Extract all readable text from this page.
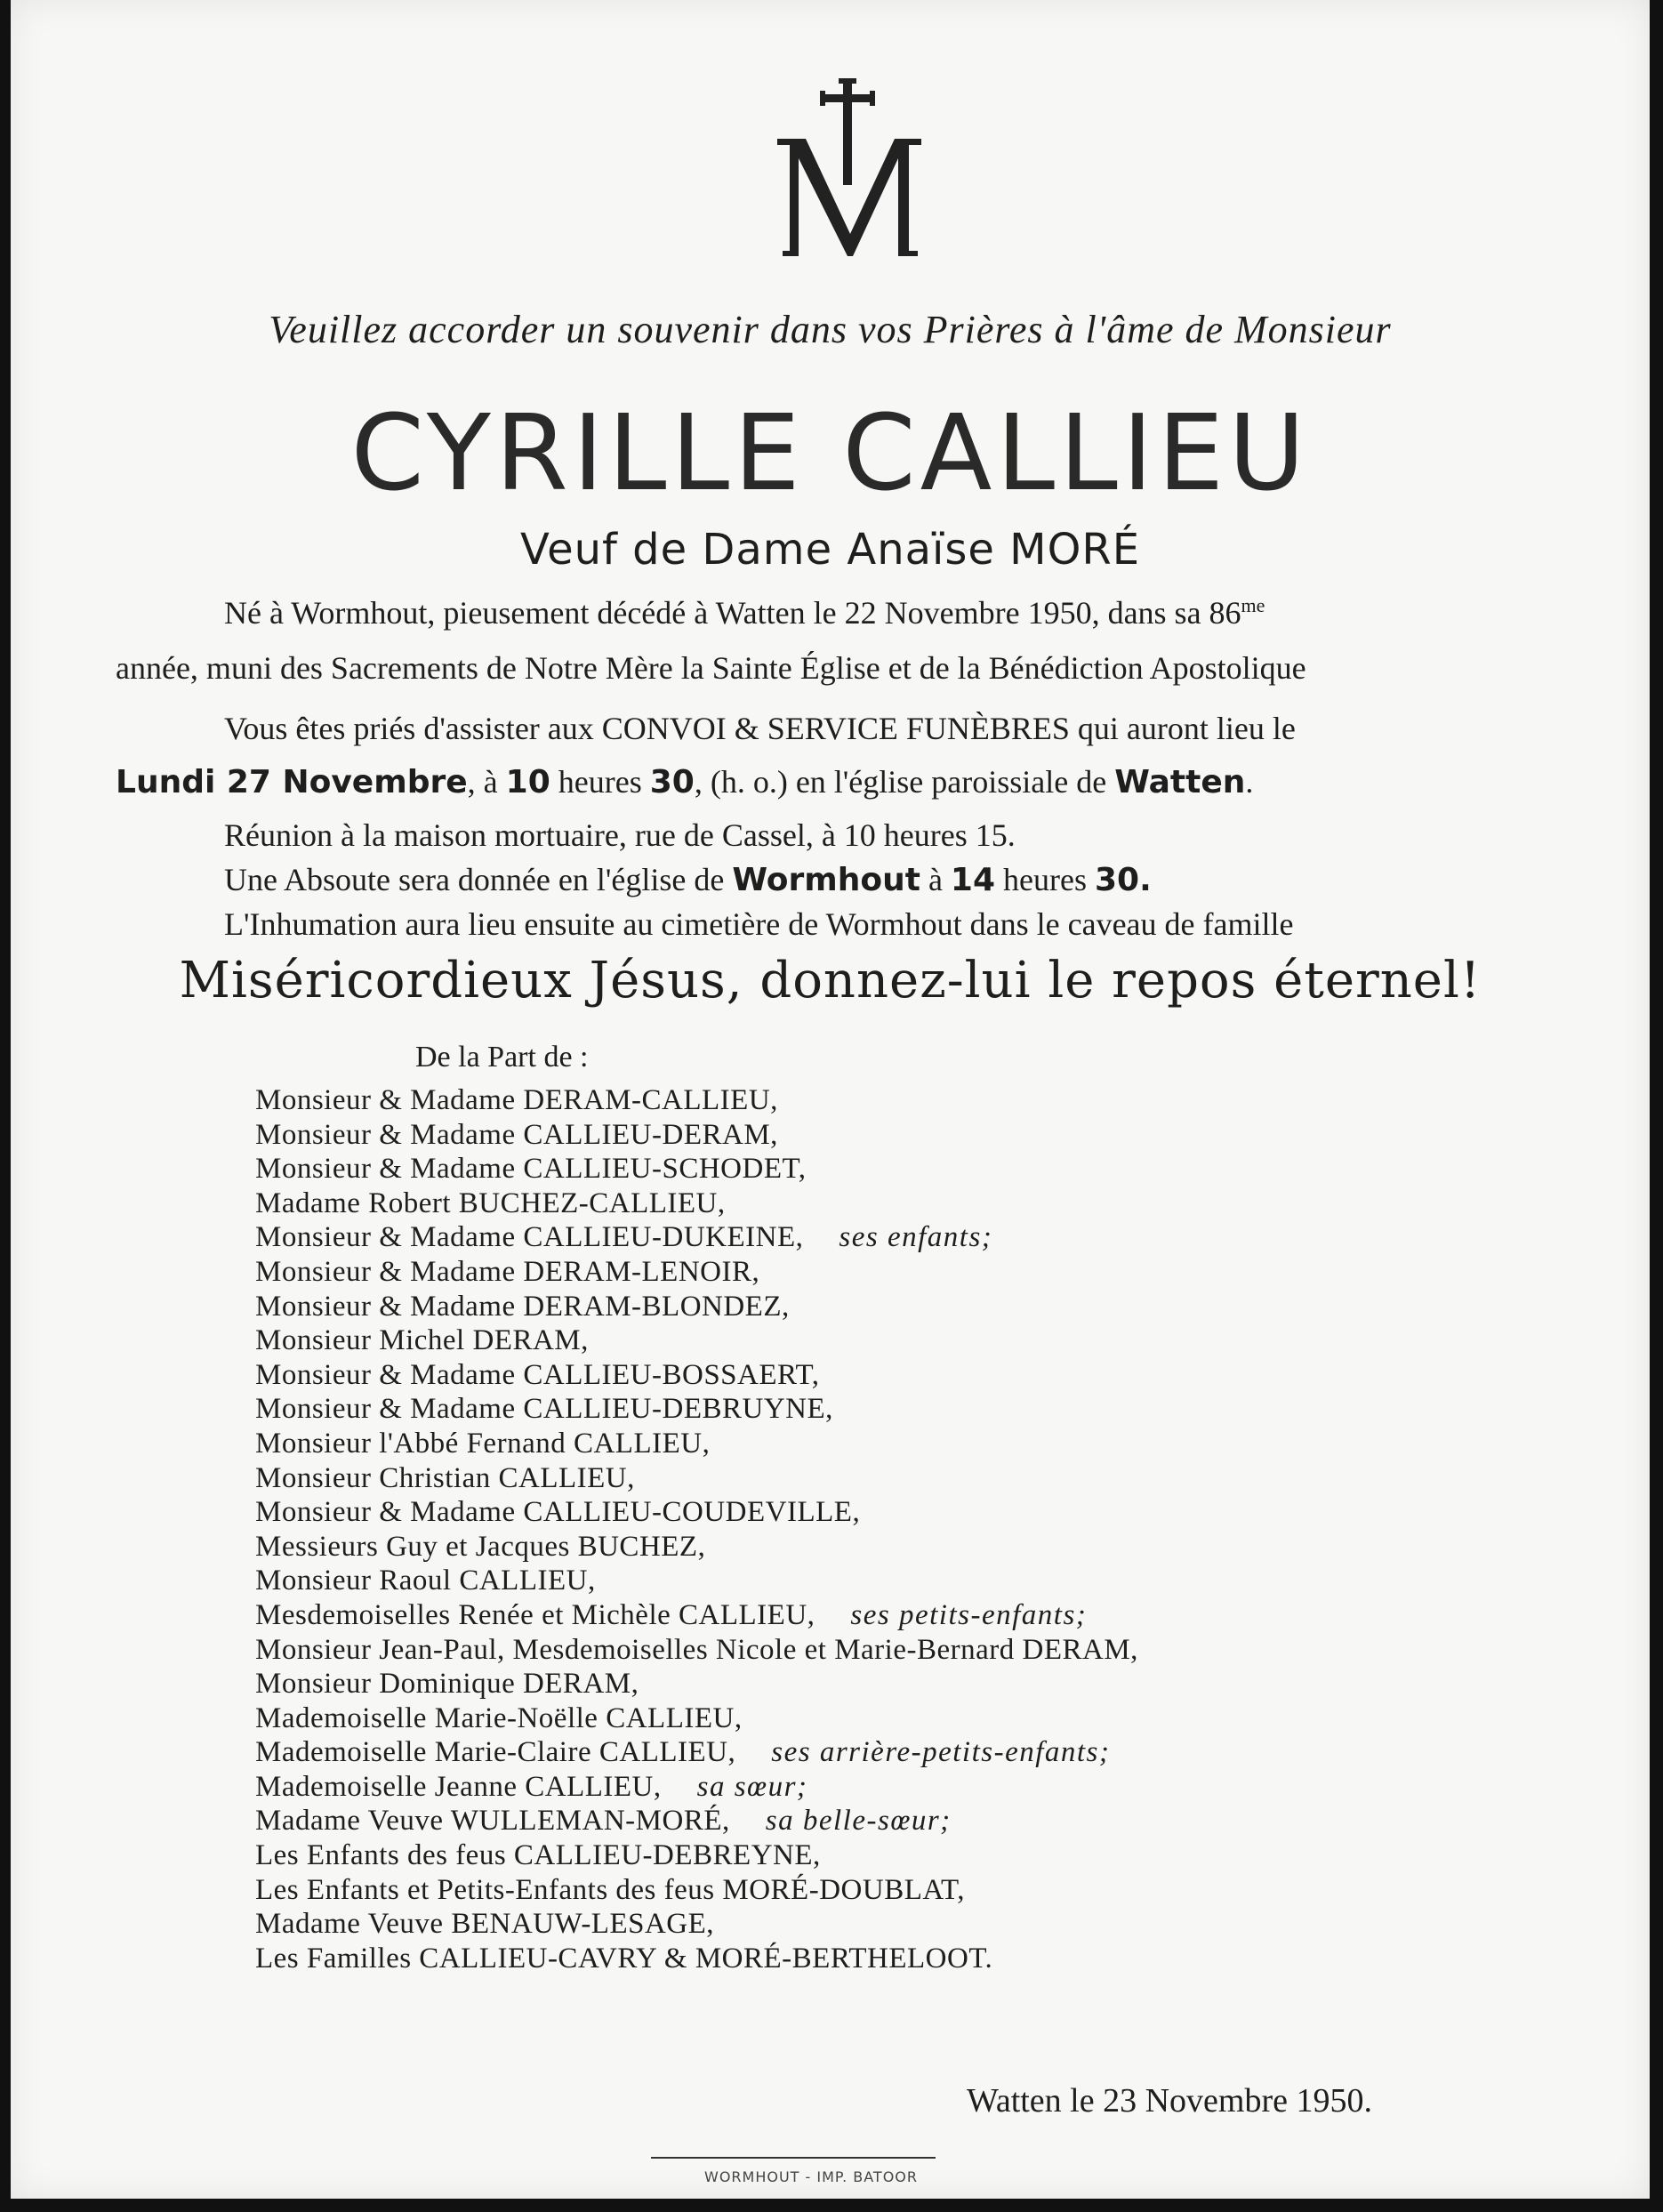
Veuillez accorder un souvenir dans vos Prières à l'âme de Monsieur
CYRILLE CALLIEU
Veuf de Dame Anaïse MORÉ
Né à Wormhout, pieusement décédé à Watten le 22 Novembre 1950, dans sa $86^{me}$
année, muni des Sacrements de Notre Mère la Sainte Église et de la Bénédiction Apostolique
Vous êtes priés d'assister aux CONVOI & SERVICE FUNÈBRES qui auront lieu le
Lundi 27 Novembre, à 10 heures 30, (h. o.) en l'église paroissiale de Watten.
Réunion à la maison mortuaire, rue de Cassel, à 10 heures 15.
Une Absoute sera donnée en l'église de Wormhout à 14 heures 30.
L'Inhumation aura lieu ensuite au cimetière de Wormhout dans le caveau de famille
Miséricordieux Jésus, donnez-lui le repos éternel!
De la Part de :
Monsieur & Madame DERAM-CALLIEU,
Monsieur & Madame CALLIEU-DERAM,
Monsieur & Madame CALLIEU-SCHODET,
Madame Robert BUCHEZ-CALLIEU,
Monsieur & Madame CALLIEU-DUKEINE, ses enfants;
Monsieur & Madame DERAM-LENOIR,
Monsieur & Madame DERAM-BLONDEZ,
Monsieur Michel DERAM,
Monsieur & Madame CALLIEU-BOSSAERT,
Monsieur & Madame CALLIEU-DEBRUYNE,
Monsieur l'Abbé Fernand CALLIEU,
Monsieur Christian CALLIEU,
Monsieur & Madame CALLIEU-COUDEVILLE,
Messieurs Guy et Jacques BUCHEZ,
Monsieur Raoul CALLIEU,
Mesdemoiselles Renée et Michèle CALLIEU, ses petits-enfants;
Monsieur Jean-Paul, Mesdemoiselles Nicole et Marie-Bernard DERAM,
Monsieur Dominique DERAM,
Mademoiselle Marie-Noëlle CALLIEU,
Mademoiselle Marie-Claire CALLIEU, ses arrière-petits-enfants;
Mademoiselle Jeanne CALLIEU, sa sœur;
Madame Veuve WULLEMAN-MORÉ, sa belle-sœur;
Les Enfants des feus CALLIEU-DEBREYNE,
Les Enfants et Petits-Enfants des feus MORÉ-DOUBLAT,
Madame Veuve BENAUW-LESAGE,
Les Familles CALLIEU-CAVRY & MORÉ-BERTHELOOT.
Watten le 23 Novembre 1950.
WORMHOUT - IMP. BATOOR
